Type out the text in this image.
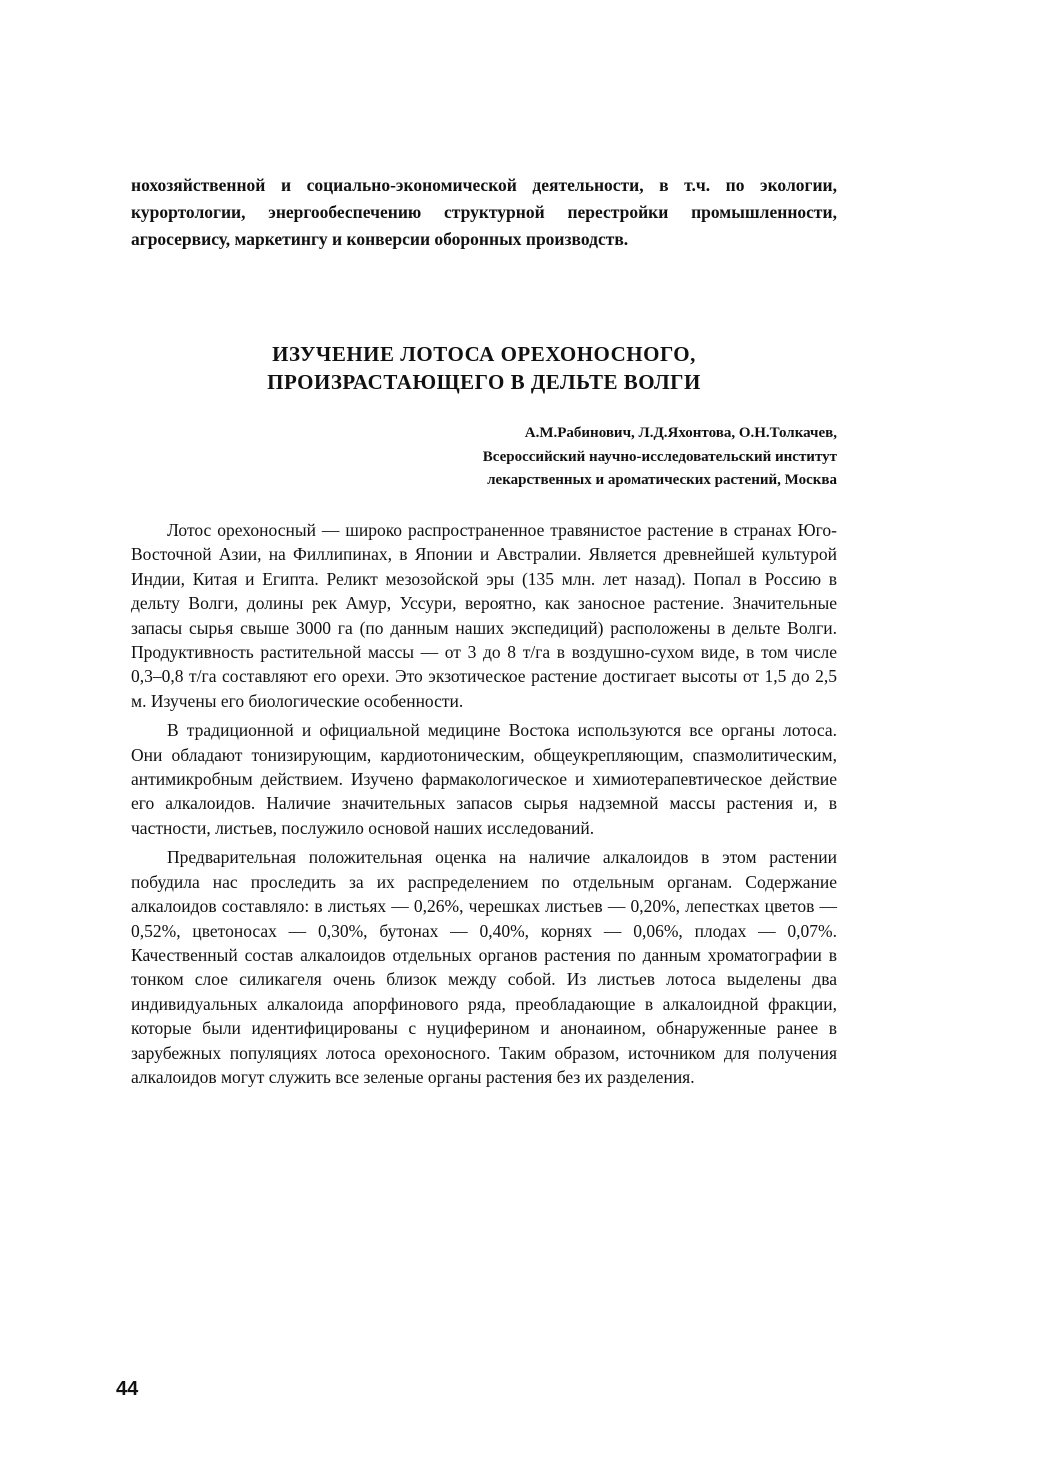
нохозяйственной и социально-экономической деятельности, в т.ч. по экологии, курортологии, энергообеспечению структурной перестройки промышленности, агросервису, маркетингу и конверсии оборонных производств.

ИЗУЧЕНИЕ ЛОТОСА ОРЕХОНОСНОГО,
ПРОИЗРАСТАЮЩЕГО В ДЕЛЬТЕ ВОЛГИ
А.М.Рабинович, Л.Д.Яхонтова, О.Н.Толкачев,
Всероссийский научно-исследовательский институт
лекарственных и ароматических растений, Москва

Лотос орехоносный — широко распространенное травянистое растение в странах Юго-Восточной Азии, на Филлипинах, в Японии и Австралии. Является древнейшей культурой Индии, Китая и Египта. Реликт мезозойской эры (135 млн. лет назад). Попал в Россию в дельту Волги, долины рек Амур, Уссури, вероятно, как заносное растение. Значительные запасы сырья свыше 3000 га (по данным наших экспедиций) расположены в дельте Волги. Продуктивность растительной массы — от 3 до 8 т/га в воздушно-сухом виде, в том числе 0,3–0,8 т/га составляют его орехи. Это экзотическое растение достигает высоты от 1,5 до 2,5 м. Изучены его биологические особенности.

В традиционной и официальной медицине Востока используются все органы лотоса. Они обладают тонизирующим, кардиотоническим, общеукрепляющим, спазмолитическим, антимикробным действием. Изучено фармакологическое и химиотерапевтическое действие его алкалоидов. Наличие значительных запасов сырья надземной массы растения и, в частности, листьев, послужило основой наших исследований.

Предварительная положительная оценка на наличие алкалоидов в этом растении побудила нас проследить за их распределением по отдельным органам. Содержание алкалоидов составляло: в листьях — 0,26%, черешках листьев — 0,20%, лепестках цветов — 0,52%, цветоносах — 0,30%, бутонах — 0,40%, корнях — 0,06%, плодах — 0,07%. Качественный состав алкалоидов отдельных органов растения по данным хроматографии в тонком слое силикагеля очень близок между собой. Из листьев лотоса выделены два индивидуальных алкалоида апорфинового ряда, преобладающие в алкалоидной фракции, которые были идентифицированы с нуциферином и анонаином, обнаруженные ранее в зарубежных популяциях лотоса орехоносного. Таким образом, источником для получения алкалоидов могут служить все зеленые органы растения без их разделения.

44
